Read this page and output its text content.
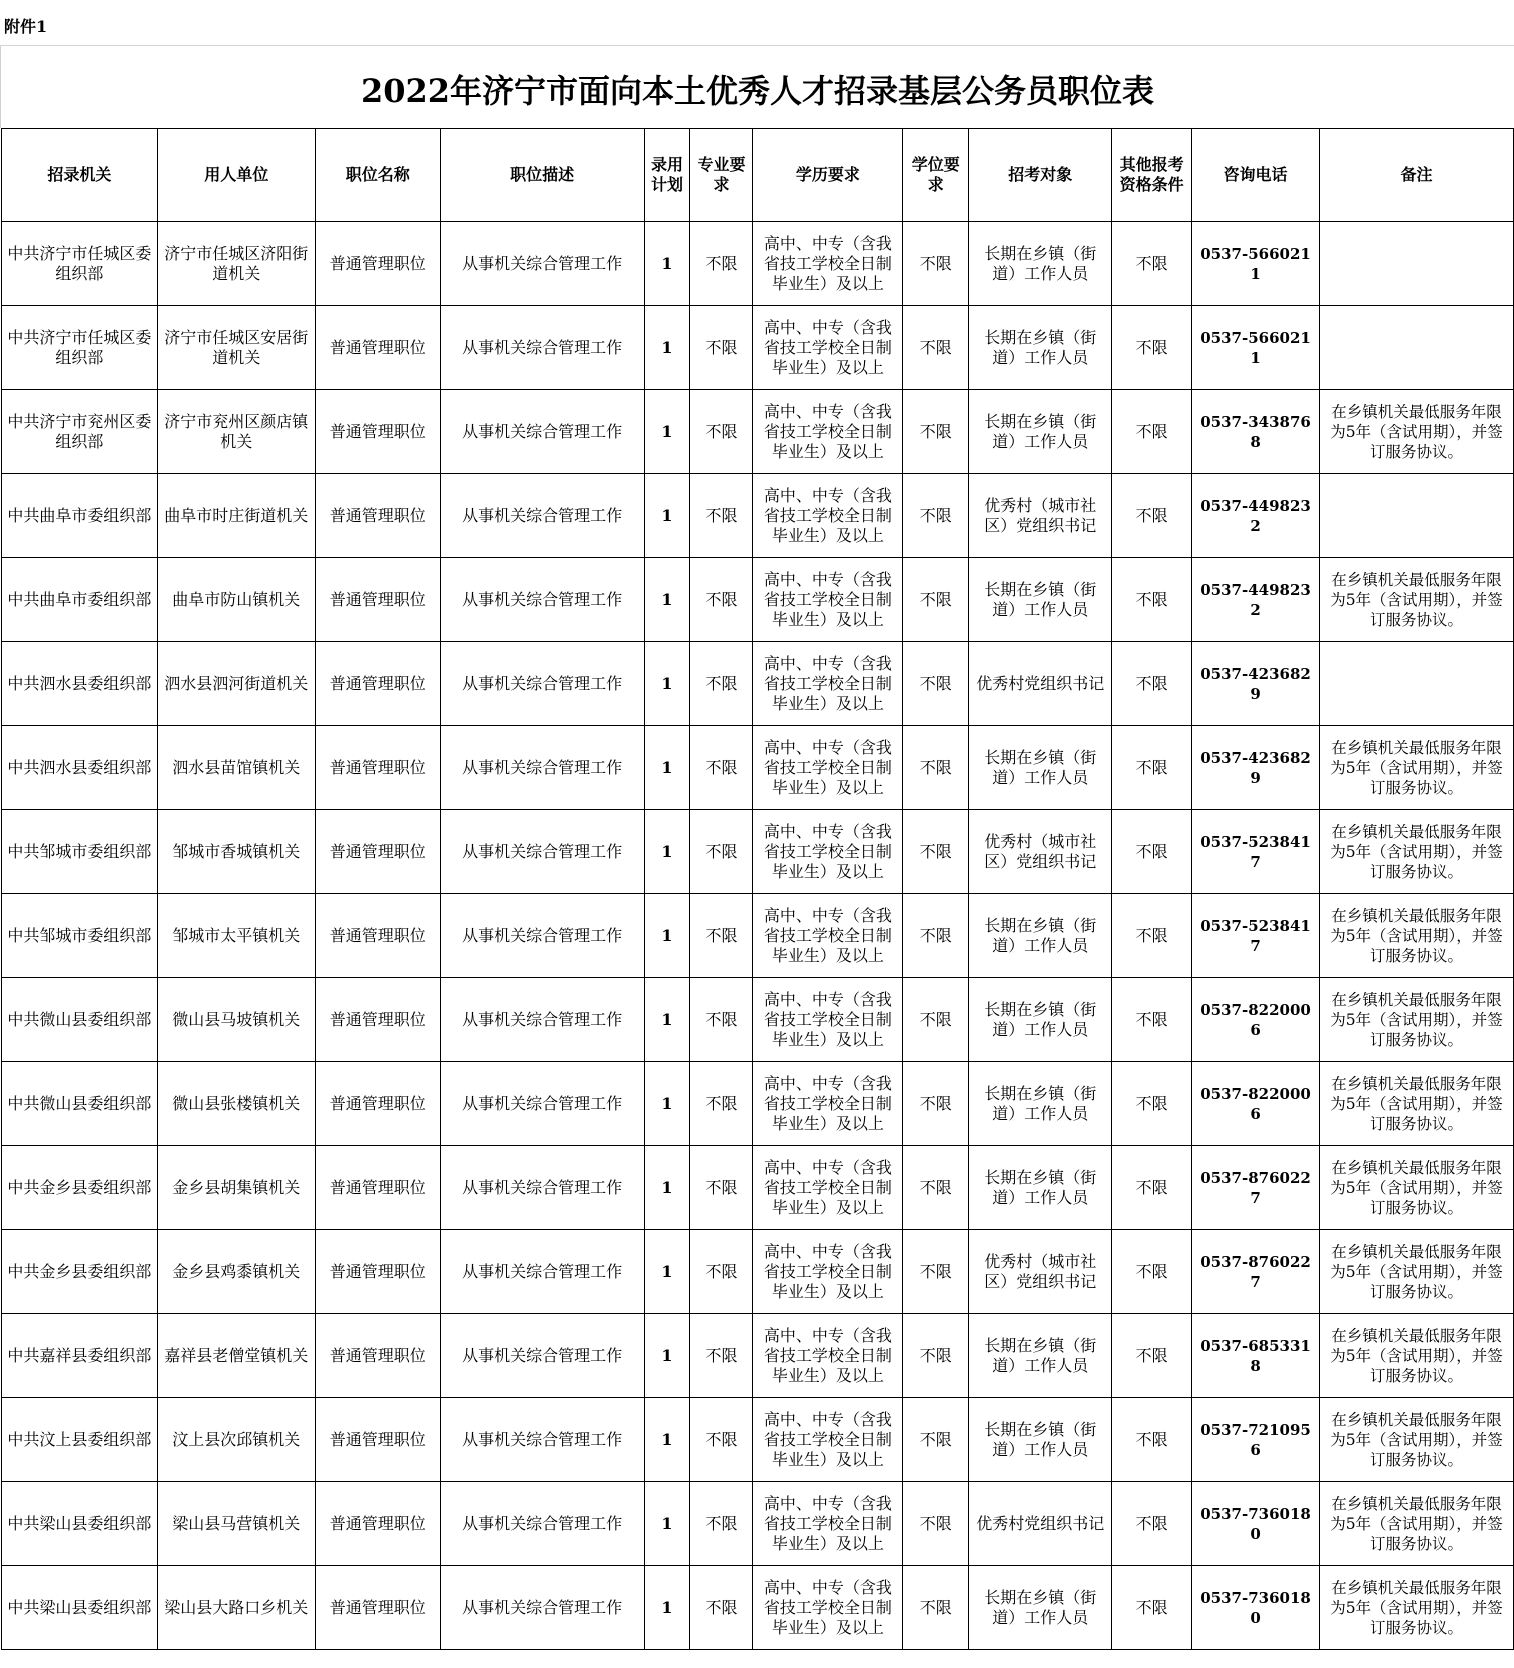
附件1
2022年济宁市面向本土优秀人才招录基层公务员职位表
招录机关	用人单位	职位名称	职位描述	录用计划	专业要求	学历要求	学位要求	招考对象	其他报考资格条件	咨询电话	备注
中共济宁市任城区委组织部	济宁市任城区济阳街道机关	普通管理职位	从事机关综合管理工作	1	不限	高中、中专（含我省技工学校全日制毕业生）及以上	不限	长期在乡镇（街道）工作人员	不限	0537-5660211	
中共济宁市任城区委组织部	济宁市任城区安居街道机关	普通管理职位	从事机关综合管理工作	1	不限	高中、中专（含我省技工学校全日制毕业生）及以上	不限	长期在乡镇（街道）工作人员	不限	0537-5660211	
中共济宁市兖州区委组织部	济宁市兖州区颜店镇机关	普通管理职位	从事机关综合管理工作	1	不限	高中、中专（含我省技工学校全日制毕业生）及以上	不限	长期在乡镇（街道）工作人员	不限	0537-3438768	在乡镇机关最低服务年限为5年（含试用期），并签订服务协议。
中共曲阜市委组织部	曲阜市时庄街道机关	普通管理职位	从事机关综合管理工作	1	不限	高中、中专（含我省技工学校全日制毕业生）及以上	不限	优秀村（城市社区）党组织书记	不限	0537-4498232	
中共曲阜市委组织部	曲阜市防山镇机关	普通管理职位	从事机关综合管理工作	1	不限	高中、中专（含我省技工学校全日制毕业生）及以上	不限	长期在乡镇（街道）工作人员	不限	0537-4498232	在乡镇机关最低服务年限为5年（含试用期），并签订服务协议。
中共泗水县委组织部	泗水县泗河街道机关	普通管理职位	从事机关综合管理工作	1	不限	高中、中专（含我省技工学校全日制毕业生）及以上	不限	优秀村党组织书记	不限	0537-4236829	
中共泗水县委组织部	泗水县苗馆镇机关	普通管理职位	从事机关综合管理工作	1	不限	高中、中专（含我省技工学校全日制毕业生）及以上	不限	长期在乡镇（街道）工作人员	不限	0537-4236829	在乡镇机关最低服务年限为5年（含试用期），并签订服务协议。
中共邹城市委组织部	邹城市香城镇机关	普通管理职位	从事机关综合管理工作	1	不限	高中、中专（含我省技工学校全日制毕业生）及以上	不限	优秀村（城市社区）党组织书记	不限	0537-5238417	在乡镇机关最低服务年限为5年（含试用期），并签订服务协议。
中共邹城市委组织部	邹城市太平镇机关	普通管理职位	从事机关综合管理工作	1	不限	高中、中专（含我省技工学校全日制毕业生）及以上	不限	长期在乡镇（街道）工作人员	不限	0537-5238417	在乡镇机关最低服务年限为5年（含试用期），并签订服务协议。
中共微山县委组织部	微山县马坡镇机关	普通管理职位	从事机关综合管理工作	1	不限	高中、中专（含我省技工学校全日制毕业生）及以上	不限	长期在乡镇（街道）工作人员	不限	0537-8220006	在乡镇机关最低服务年限为5年（含试用期），并签订服务协议。
中共微山县委组织部	微山县张楼镇机关	普通管理职位	从事机关综合管理工作	1	不限	高中、中专（含我省技工学校全日制毕业生）及以上	不限	长期在乡镇（街道）工作人员	不限	0537-8220006	在乡镇机关最低服务年限为5年（含试用期），并签订服务协议。
中共金乡县委组织部	金乡县胡集镇机关	普通管理职位	从事机关综合管理工作	1	不限	高中、中专（含我省技工学校全日制毕业生）及以上	不限	长期在乡镇（街道）工作人员	不限	0537-8760227	在乡镇机关最低服务年限为5年（含试用期），并签订服务协议。
中共金乡县委组织部	金乡县鸡黍镇机关	普通管理职位	从事机关综合管理工作	1	不限	高中、中专（含我省技工学校全日制毕业生）及以上	不限	优秀村（城市社区）党组织书记	不限	0537-8760227	在乡镇机关最低服务年限为5年（含试用期），并签订服务协议。
中共嘉祥县委组织部	嘉祥县老僧堂镇机关	普通管理职位	从事机关综合管理工作	1	不限	高中、中专（含我省技工学校全日制毕业生）及以上	不限	长期在乡镇（街道）工作人员	不限	0537-6853318	在乡镇机关最低服务年限为5年（含试用期），并签订服务协议。
中共汶上县委组织部	汶上县次邱镇机关	普通管理职位	从事机关综合管理工作	1	不限	高中、中专（含我省技工学校全日制毕业生）及以上	不限	长期在乡镇（街道）工作人员	不限	0537-7210956	在乡镇机关最低服务年限为5年（含试用期），并签订服务协议。
中共梁山县委组织部	梁山县马营镇机关	普通管理职位	从事机关综合管理工作	1	不限	高中、中专（含我省技工学校全日制毕业生）及以上	不限	优秀村党组织书记	不限	0537-7360180	在乡镇机关最低服务年限为5年（含试用期），并签订服务协议。
中共梁山县委组织部	梁山县大路口乡机关	普通管理职位	从事机关综合管理工作	1	不限	高中、中专（含我省技工学校全日制毕业生）及以上	不限	长期在乡镇（街道）工作人员	不限	0537-7360180	在乡镇机关最低服务年限为5年（含试用期），并签订服务协议。
